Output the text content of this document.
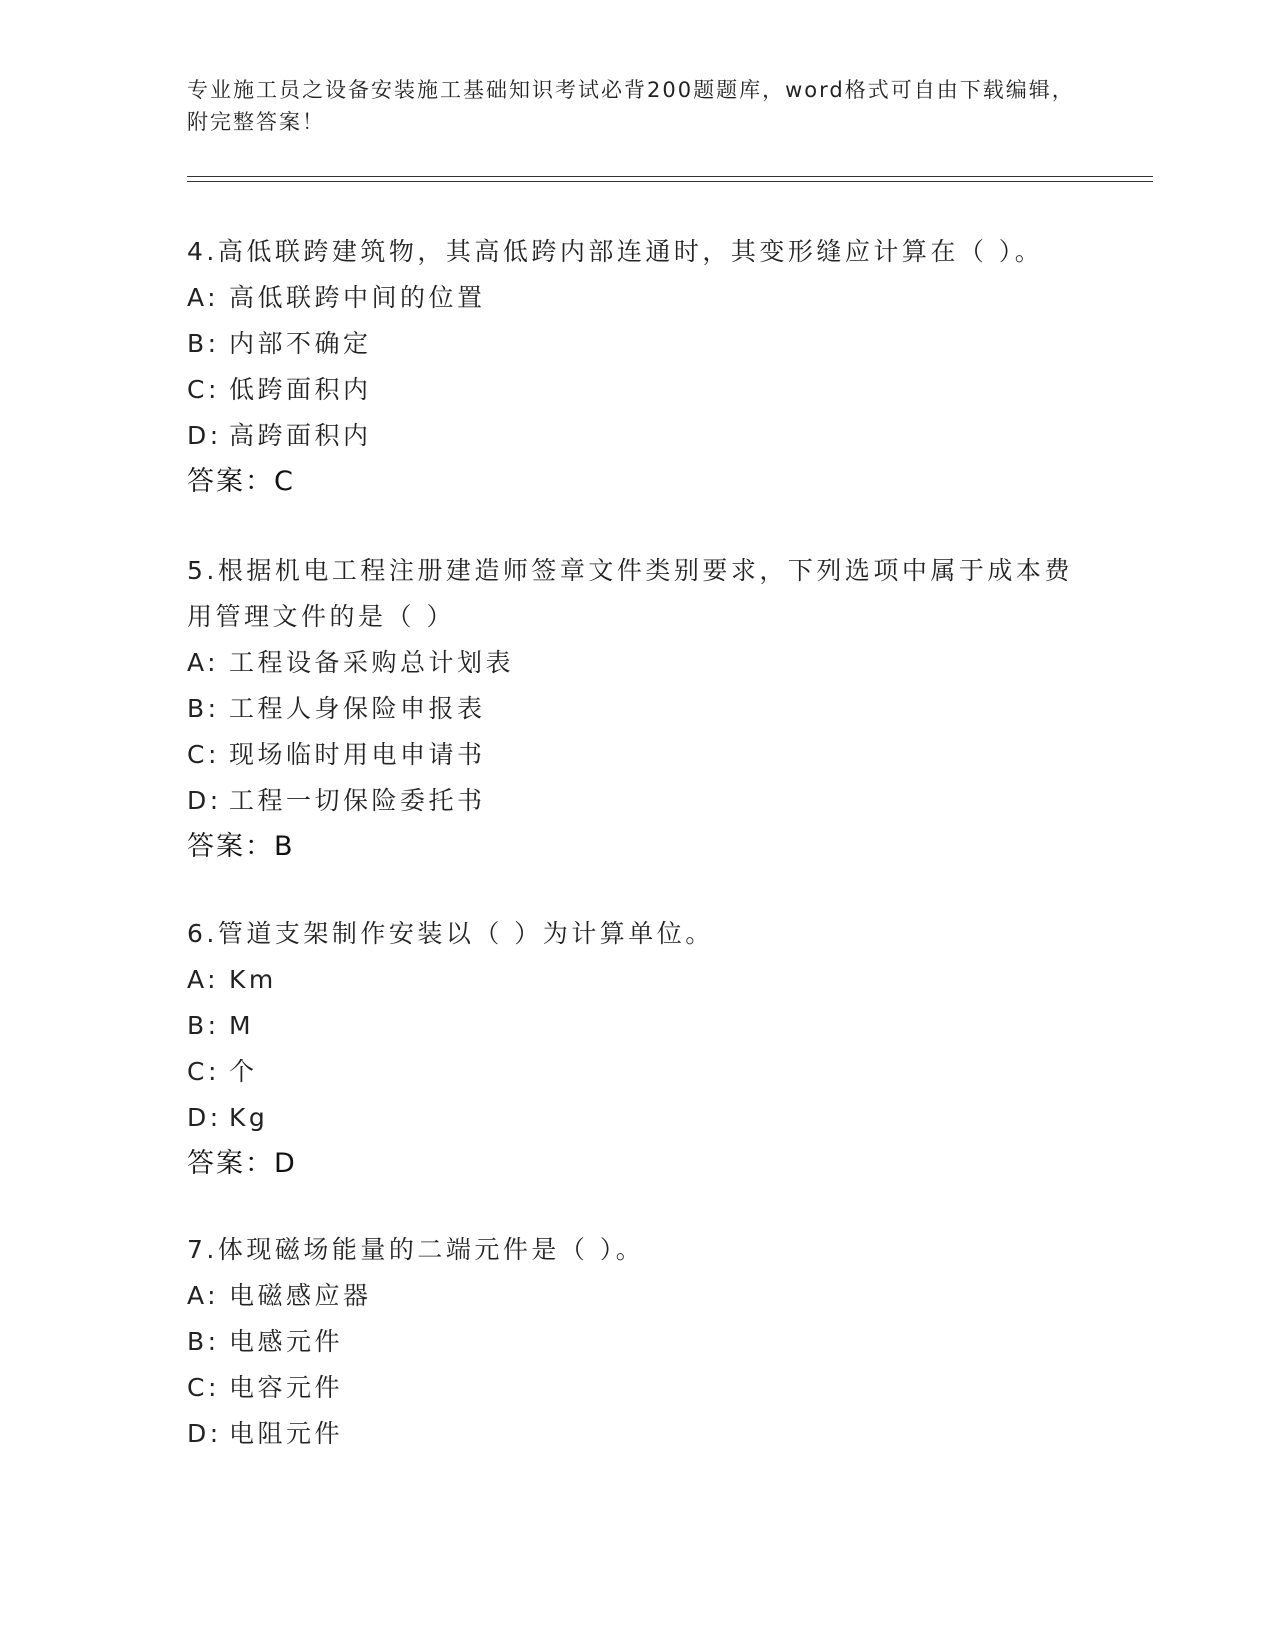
专业施工员之设备安装施工基础知识考试必背200题题库，word格式可自由下载编辑，附完整答案！

4.高低联跨建筑物，其高低跨内部连通时，其变形缝应计算在（ ）。

A: 高低联跨中间的位置

B: 内部不确定

C: 低跨面积内

D: 高跨面积内

答案：C

5.根据机电工程注册建造师签章文件类别要求，下列选项中属于成本费用管理文件的是（ ）

A: 工程设备采购总计划表

B: 工程人身保险申报表

C: 现场临时用电申请书

D: 工程一切保险委托书

答案：B

6.管道支架制作安装以（ ）为计算单位。

A: Km

B: M

C: 个

D: Kg

答案：D

7.体现磁场能量的二端元件是（ ）。

A: 电磁感应器

B: 电感元件

C: 电容元件

D: 电阻元件
